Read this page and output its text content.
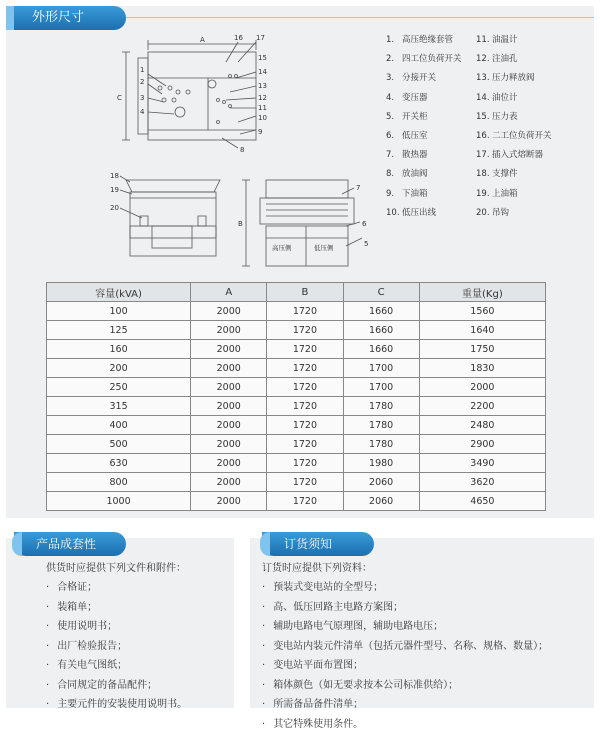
外形尺寸
A
C
B
高压侧	低压侧
1
2
3
4
5
6
7
8
9
10
11
12
13
14
15
16 17
18
19
20
1. 高压绝缘套管
2. 四工位负荷开关
3. 分接开关
4. 变压器
5. 开关柜
6. 低压室
7. 散热器
8. 放油阀
9. 下油箱
10. 低压出线
11. 油温计
12. 注油孔
13. 压力释放阀
14. 油位计
15. 压力表
16. 二工位负荷开关
17. 插入式熔断器
18. 支撑件
19. 上油箱
20. 吊钩
容量(kVA)	A	B	C	重量(Kg)
100	2000	1720	1660	1560
125	2000	1720	1660	1640
160	2000	1720	1660	1750
200	2000	1720	1700	1830
250	2000	1720	1700	2000
315	2000	1720	1780	2200
400	2000	1720	1780	2480
500	2000	1720	1780	2900
630	2000	1720	1980	3490
800	2000	1720	2060	3620
1000	2000	1720	2060	4650
产品成套性	订货须知
供货时应提供下列文件和附件：
· 合格证；
· 装箱单；
· 使用说明书；
· 出厂检验报告；
· 有关电气图纸；
· 合同规定的备品配件；
· 主要元件的安装使用说明书。
订货时应提供下列资料：
· 预装式变电站的全型号；
· 高、低压回路主电路方案图；
· 辅助电路电气原理图，辅助电路电压；
· 变电站内装元件清单（包括元器件型号、名称、规格、数量）；
· 变电站平面布置图；
· 箱体颜色（如无要求按本公司标准供给）；
· 所需备品备件清单；
· 其它特殊使用条件。
